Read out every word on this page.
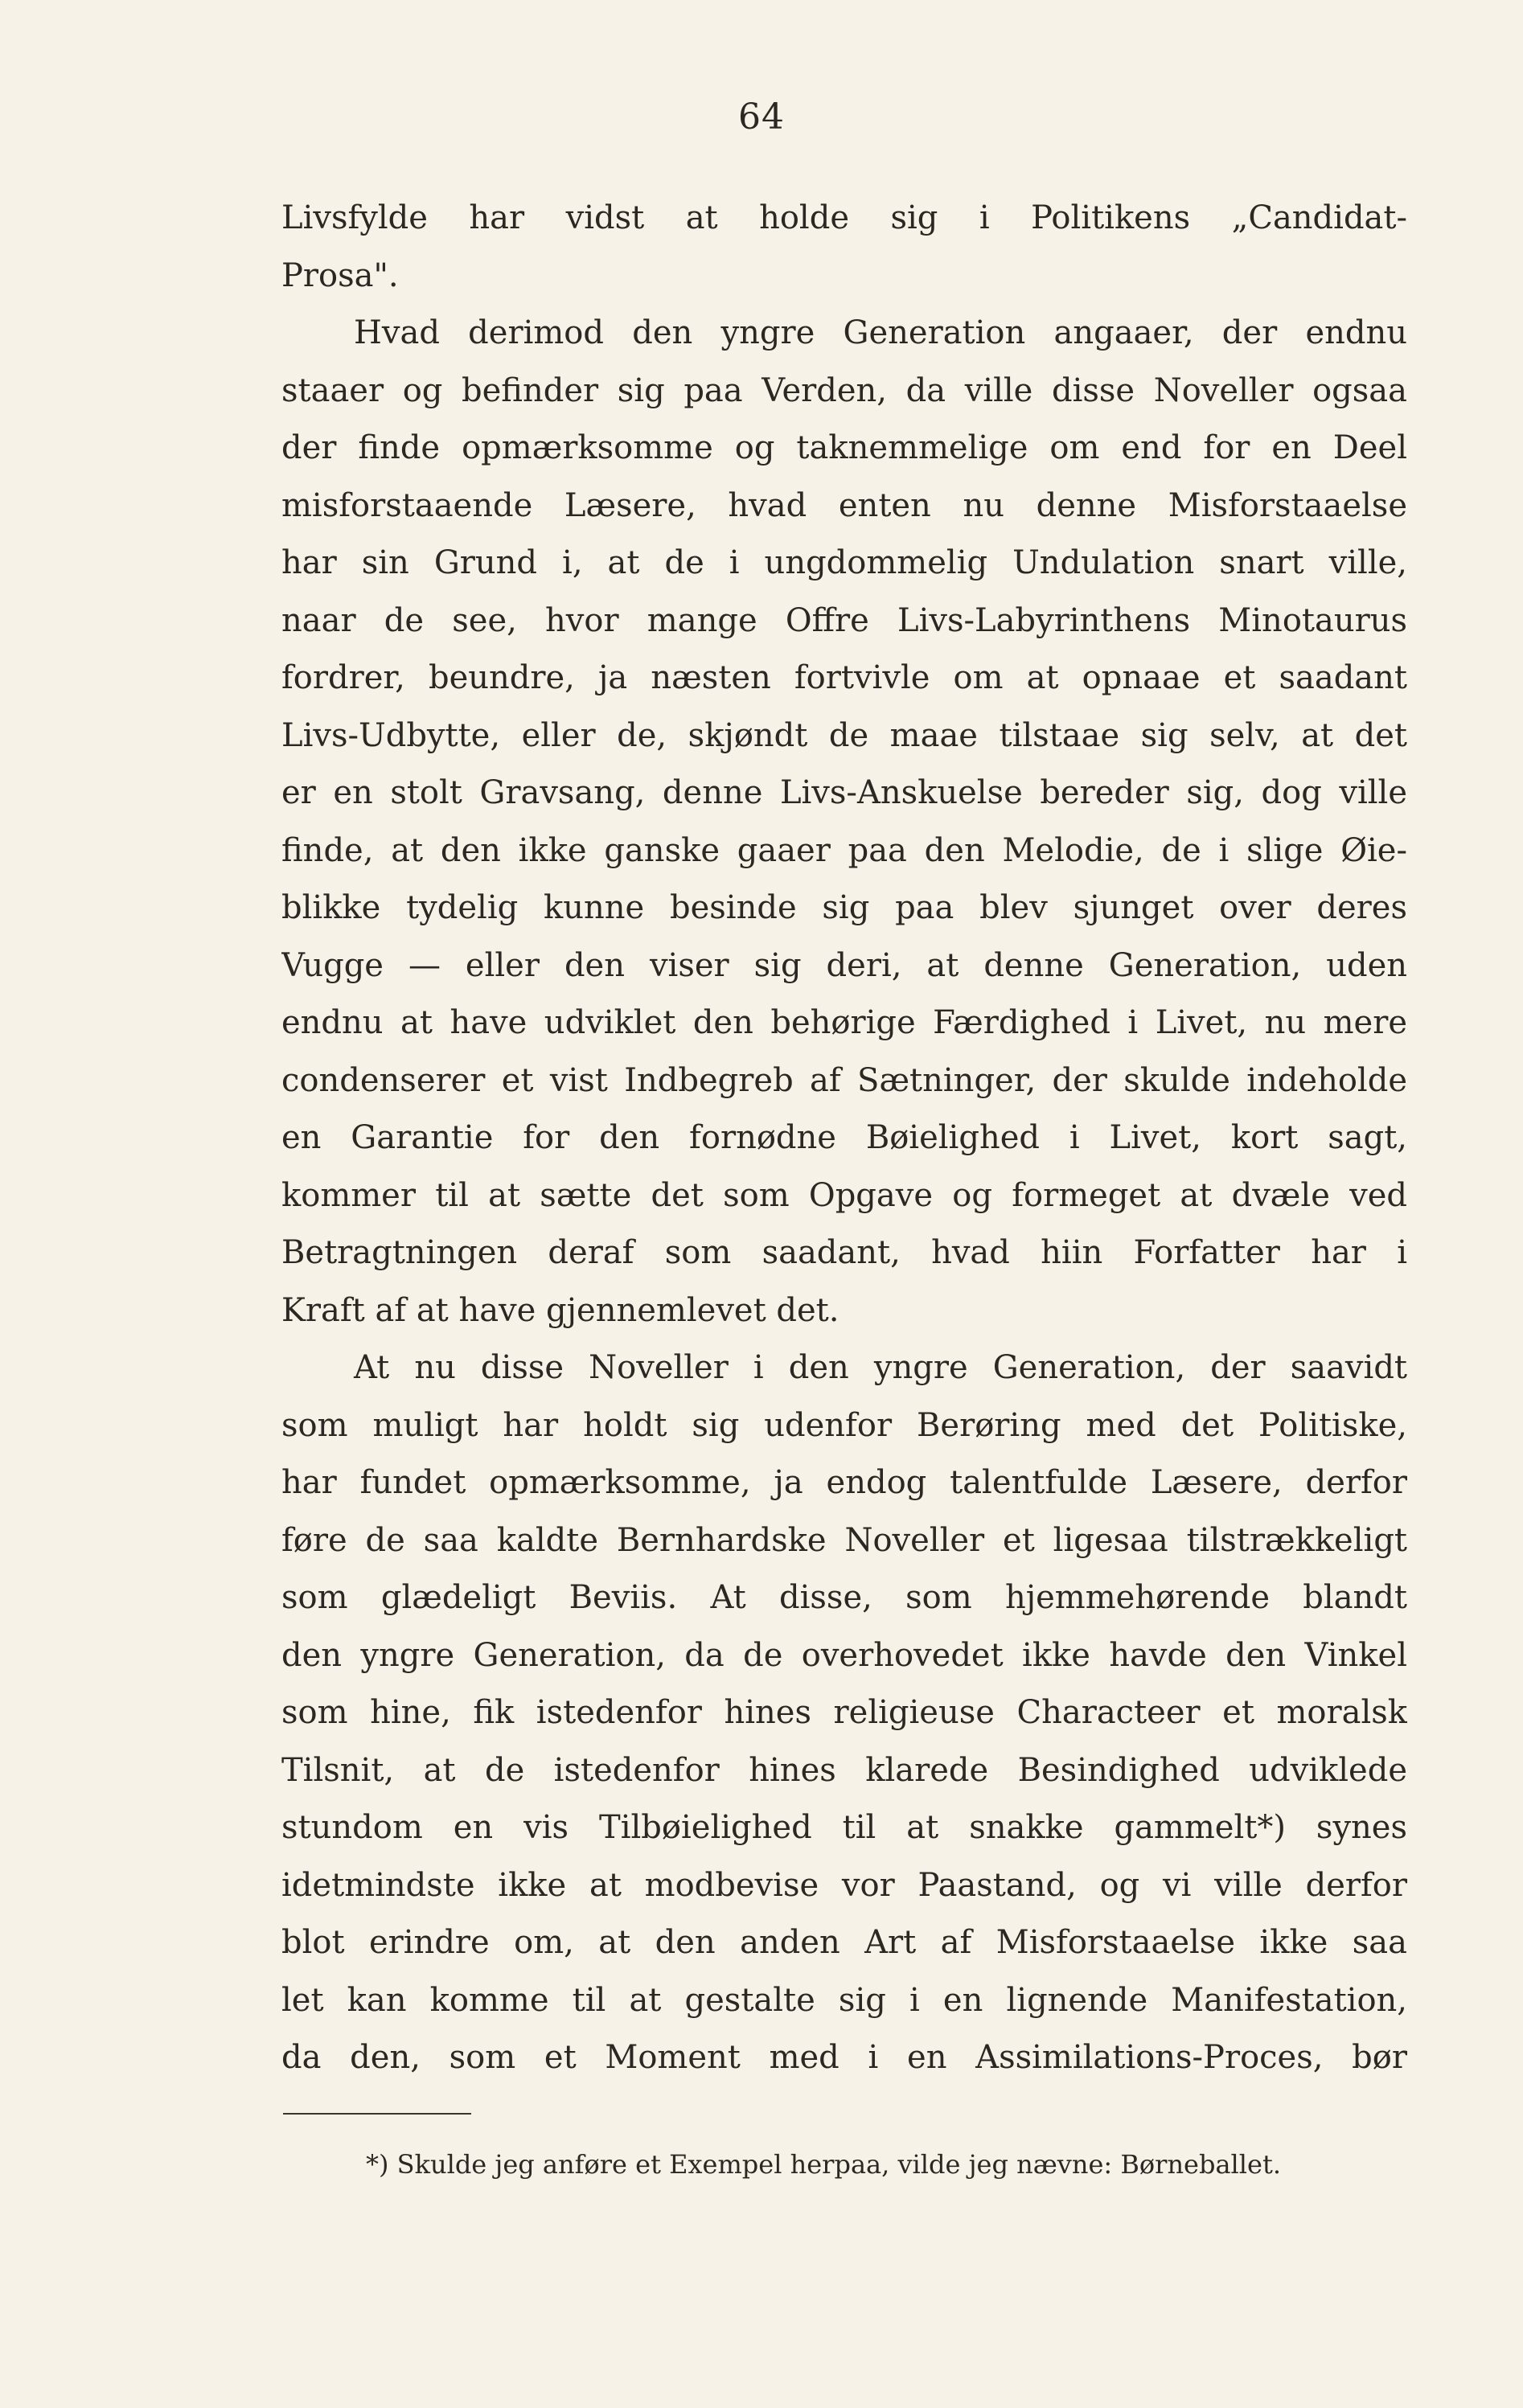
64
Livsfylde har vidst at holde sig i Politikens „Candidat-
Prosa".
Hvad derimod den yngre Generation angaaer, der endnu
staaer og befinder sig paa Verden, da ville disse Noveller ogsaa
der finde opmærksomme og taknemmelige om end for en Deel
misforstaaende Læsere, hvad enten nu denne Misforstaaelse
har sin Grund i, at de i ungdommelig Undulation snart ville,
naar de see, hvor mange Offre Livs-Labyrinthens Minotaurus
fordrer, beundre, ja næsten fortvivle om at opnaae et saadant
Livs-Udbytte, eller de, skjøndt de maae tilstaae sig selv, at det
er en stolt Gravsang, denne Livs-Anskuelse bereder sig, dog ville
finde, at den ikke ganske gaaer paa den Melodie, de i slige Øie-
blikke tydelig kunne besinde sig paa blev sjunget over deres
Vugge — eller den viser sig deri, at denne Generation, uden
endnu at have udviklet den behørige Færdighed i Livet, nu mere
condenserer et vist Indbegreb af Sætninger, der skulde indeholde
en Garantie for den fornødne Bøielighed i Livet, kort sagt,
kommer til at sætte det som Opgave og formeget at dvæle ved
Betragtningen deraf som saadant, hvad hiin Forfatter har i
Kraft af at have gjennemlevet det.
At nu disse Noveller i den yngre Generation, der saavidt
som muligt har holdt sig udenfor Berøring med det Politiske,
har fundet opmærksomme, ja endog talentfulde Læsere, derfor
føre de saa kaldte Bernhardske Noveller et ligesaa tilstrækkeligt
som glædeligt Beviis. At disse, som hjemmehørende blandt
den yngre Generation, da de overhovedet ikke havde den Vinkel
som hine, fik istedenfor hines religieuse Characteer et moralsk
Tilsnit, at de istedenfor hines klarede Besindighed udviklede
stundom en vis Tilbøielighed til at snakke gammelt*) synes
idetmindste ikke at modbevise vor Paastand, og vi ville derfor
blot erindre om, at den anden Art af Misforstaaelse ikke saa
let kan komme til at gestalte sig i en lignende Manifestation,
da den, som et Moment med i en Assimilations-Proces, bør
*) Skulde jeg anføre et Exempel herpaa, vilde jeg nævne: Børneballet.
